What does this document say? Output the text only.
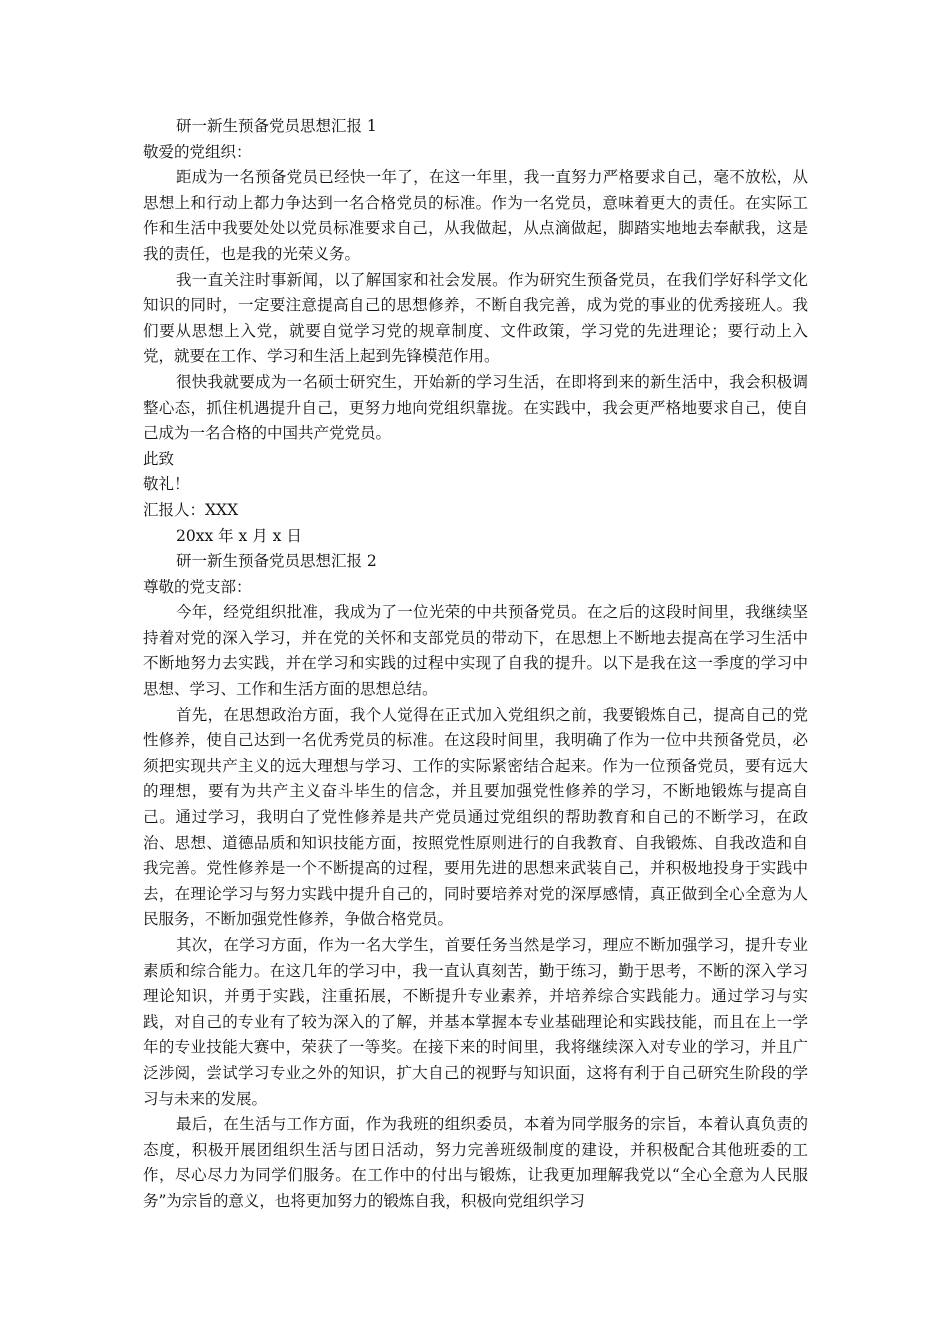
研一新生预备党员思想汇报 1

敬爱的党组织：

距成为一名预备党员已经快一年了，在这一年里，我一直努力严格要求自己，毫不放松，从思想上和行动上都力争达到一名合格党员的标准。作为一名党员，意味着更大的责任。在实际工作和生活中我要处处以党员标准要求自己，从我做起，从点滴做起，脚踏实地地去奉献我，这是我的责任，也是我的光荣义务。

我一直关注时事新闻，以了解国家和社会发展。作为研究生预备党员，在我们学好科学文化知识的同时，一定要注意提高自己的思想修养，不断自我完善，成为党的事业的优秀接班人。我们要从思想上入党，就要自觉学习党的规章制度、文件政策，学习党的先进理论；要行动上入党，就要在工作、学习和生活上起到先锋模范作用。

很快我就要成为一名硕士研究生，开始新的学习生活，在即将到来的新生活中，我会积极调整心态，抓住机遇提升自己，更努力地向党组织靠拢。在实践中，我会更严格地要求自己，使自己成为一名合格的中国共产党党员。

此致

敬礼！

汇报人：XXX

20xx 年 x 月 x 日

研一新生预备党员思想汇报 2

尊敬的党支部：

今年，经党组织批准，我成为了一位光荣的中共预备党员。在之后的这段时间里，我继续坚持着对党的深入学习，并在党的关怀和支部党员的带动下，在思想上不断地去提高在学习生活中不断地努力去实践，并在学习和实践的过程中实现了自我的提升。以下是我在这一季度的学习中思想、学习、工作和生活方面的思想总结。

首先，在思想政治方面，我个人觉得在正式加入党组织之前，我要锻炼自己，提高自己的党性修养，使自己达到一名优秀党员的标准。在这段时间里，我明确了作为一位中共预备党员，必须把实现共产主义的远大理想与学习、工作的实际紧密结合起来。作为一位预备党员，要有远大的理想，要有为共产主义奋斗毕生的信念，并且要加强党性修养的学习，不断地锻炼与提高自己。通过学习，我明白了党性修养是共产党员通过党组织的帮助教育和自己的不断学习，在政治、思想、道德品质和知识技能方面，按照党性原则进行的自我教育、自我锻炼、自我改造和自我完善。党性修养是一个不断提高的过程，要用先进的思想来武装自己，并积极地投身于实践中去，在理论学习与努力实践中提升自己的，同时要培养对党的深厚感情，真正做到全心全意为人民服务，不断加强党性修养，争做合格党员。

其次，在学习方面，作为一名大学生，首要任务当然是学习，理应不断加强学习，提升专业素质和综合能力。在这几年的学习中，我一直认真刻苦，勤于练习，勤于思考，不断的深入学习理论知识，并勇于实践，注重拓展，不断提升专业素养，并培养综合实践能力。通过学习与实践，对自己的专业有了较为深入的了解，并基本掌握本专业基础理论和实践技能，而且在上一学年的专业技能大赛中，荣获了一等奖。在接下来的时间里，我将继续深入对专业的学习，并且广泛涉阅，尝试学习专业之外的知识，扩大自己的视野与知识面，这将有利于自己研究生阶段的学习与未来的发展。

最后，在生活与工作方面，作为我班的组织委员，本着为同学服务的宗旨，本着认真负责的态度，积极开展团组织生活与团日活动，努力完善班级制度的建设，并积极配合其他班委的工作，尽心尽力为同学们服务。在工作中的付出与锻炼，让我更加理解我党以“全心全意为人民服务”为宗旨的意义，也将更加努力的锻炼自我，积极向党组织学习
